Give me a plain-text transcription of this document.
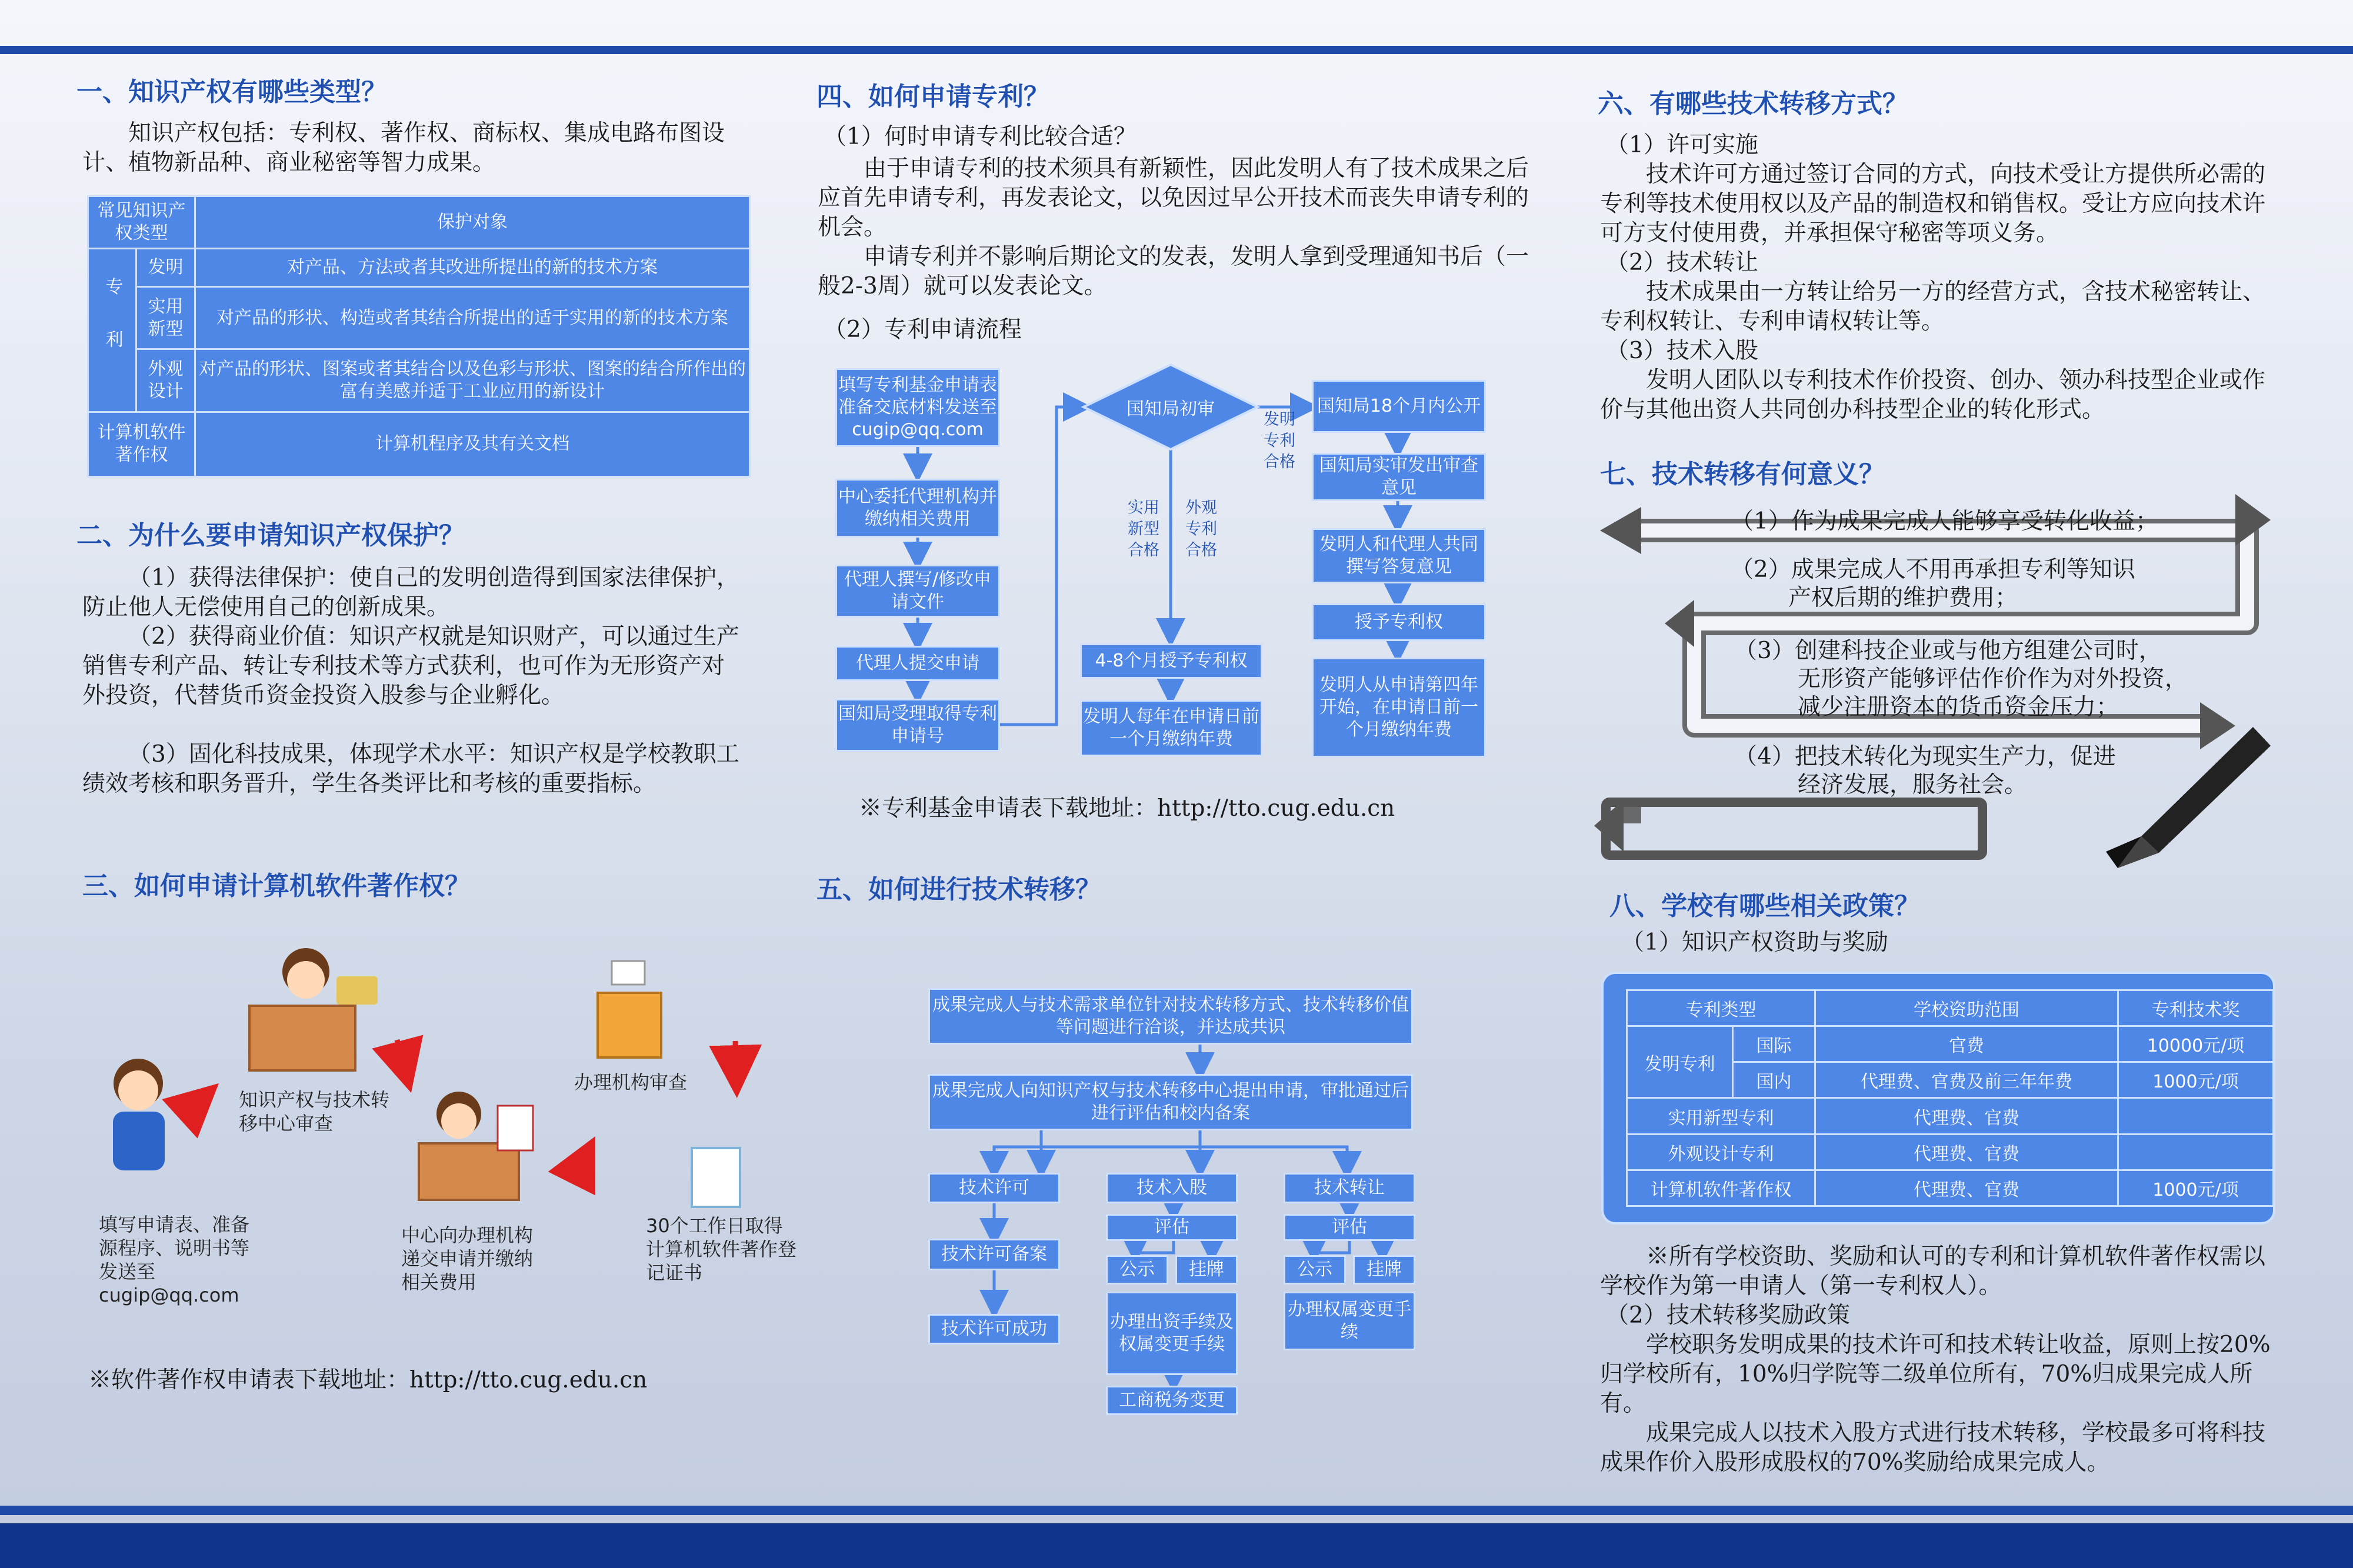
一、知识产权有哪些类型？
知识产权包括：专利权、著作权、商标权、集成电路布图设计、植物新品种、商业秘密等智力成果。
常见知识产权类型		保护对象
专利	发明	对产品、方法或者其改进所提出的新的技术方案
	实用新型	对产品的形状、构造或者其结合所提出的适于实用的新的技术方案
	外观设计	对产品的形状、图案或者其结合以及色彩与形状、图案的结合所作出的富有美感并适于工业应用的新设计
计算机软件著作权		计算机程序及其有关文档
二、为什么要申请知识产权保护？
（1）获得法律保护：使自己的发明创造得到国家法律保护，防止他人无偿使用自己的创新成果。
（2）获得商业价值：知识产权就是知识财产，可以通过生产销售专利产品、转让专利技术等方式获利，也可作为无形资产对外投资，代替货币资金投资入股参与企业孵化。
（3）固化科技成果，体现学术水平：知识产权是学校教职工绩效考核和职务晋升，学生各类评比和考核的重要指标。
三、如何申请计算机软件著作权？
填写申请表、准备源程序、说明书等发送至cugip@qq.com
知识产权与技术转移中心审查
中心向办理机构递交申请并缴纳相关费用
办理机构审查
30个工作日取得计算机软件著作登记证书
※软件著作权申请表下载地址：http://tto.cug.edu.cn
四、如何申请专利？
（1）何时申请专利比较合适？
由于申请专利的技术须具有新颖性，因此发明人有了技术成果之后应首先申请专利，再发表论文，以免因过早公开技术而丧失申请专利的机会。
申请专利并不影响后期论文的发表，发明人拿到受理通知书后（一般2-3周）就可以发表论文。
（2）专利申请流程
填写专利基金申请表准备交底材料发送至cugip@qq.com
中心委托代理机构并缴纳相关费用
代理人撰写/修改申请文件
代理人提交申请
国知局受理取得专利申请号
国知局初审
实用新型合格
外观专利合格
发明专利合格
4-8个月授予专利权
发明人每年在申请日前一个月缴纳年费
国知局18个月内公开
国知局实审发出审查意见
发明人和代理人共同撰写答复意见
授予专利权
发明人从申请第四年开始，在申请日前一个月缴纳年费
※专利基金申请表下载地址：http://tto.cug.edu.cn
五、如何进行技术转移？
成果完成人与技术需求单位针对技术转移方式、技术转移价值等问题进行洽谈，并达成共识
成果完成人向知识产权与技术转移中心提出申请，审批通过后进行评估和校内备案
技术许可
技术许可备案
技术许可成功
技术入股
评估
公示	挂牌
办理出资手续及权属变更手续
工商税务变更
技术转让
评估
公示	挂牌
办理权属变更手续
六、有哪些技术转移方式？
（1）许可实施
技术许可方通过签订合同的方式，向技术受让方提供所必需的专利等技术使用权以及产品的制造权和销售权。受让方应向技术许可方支付使用费，并承担保守秘密等项义务。
（2）技术转让
技术成果由一方转让给另一方的经营方式，含技术秘密转让、专利权转让、专利申请权转让等。
（3）技术入股
发明人团队以专利技术作价投资、创办、领办科技型企业或作价与其他出资人共同创办科技型企业的转化形式。
七、技术转移有何意义？
（1）作为成果完成人能够享受转化收益；
（2）成果完成人不用再承担专利等知识
产权后期的维护费用；
（3）创建科技企业或与他方组建公司时，
无形资产能够评估作价作为对外投资，
减少注册资本的货币资金压力；
（4）把技术转化为现实生产力，促进
经济发展，服务社会。
八、学校有哪些相关政策？
（1）知识产权资助与奖励
专利类型		学校资助范围	专利技术奖
发明专利	国际	官费	10000元/项
	国内	代理费、官费及前三年年费	1000元/项
实用新型专利		代理费、官费	
外观设计专利		代理费、官费	
计算机软件著作权		代理费、官费	1000元/项
※所有学校资助、奖励和认可的专利和计算机软件著作权需以学校作为第一申请人（第一专利权人）。
（2）技术转移奖励政策
学校职务发明成果的技术许可和技术转让收益，原则上按20%归学校所有，10%归学院等二级单位所有，70%归成果完成人所有。
成果完成人以技术入股方式进行技术转移，学校最多可将科技成果作价入股形成股权的70%奖励给成果完成人。
